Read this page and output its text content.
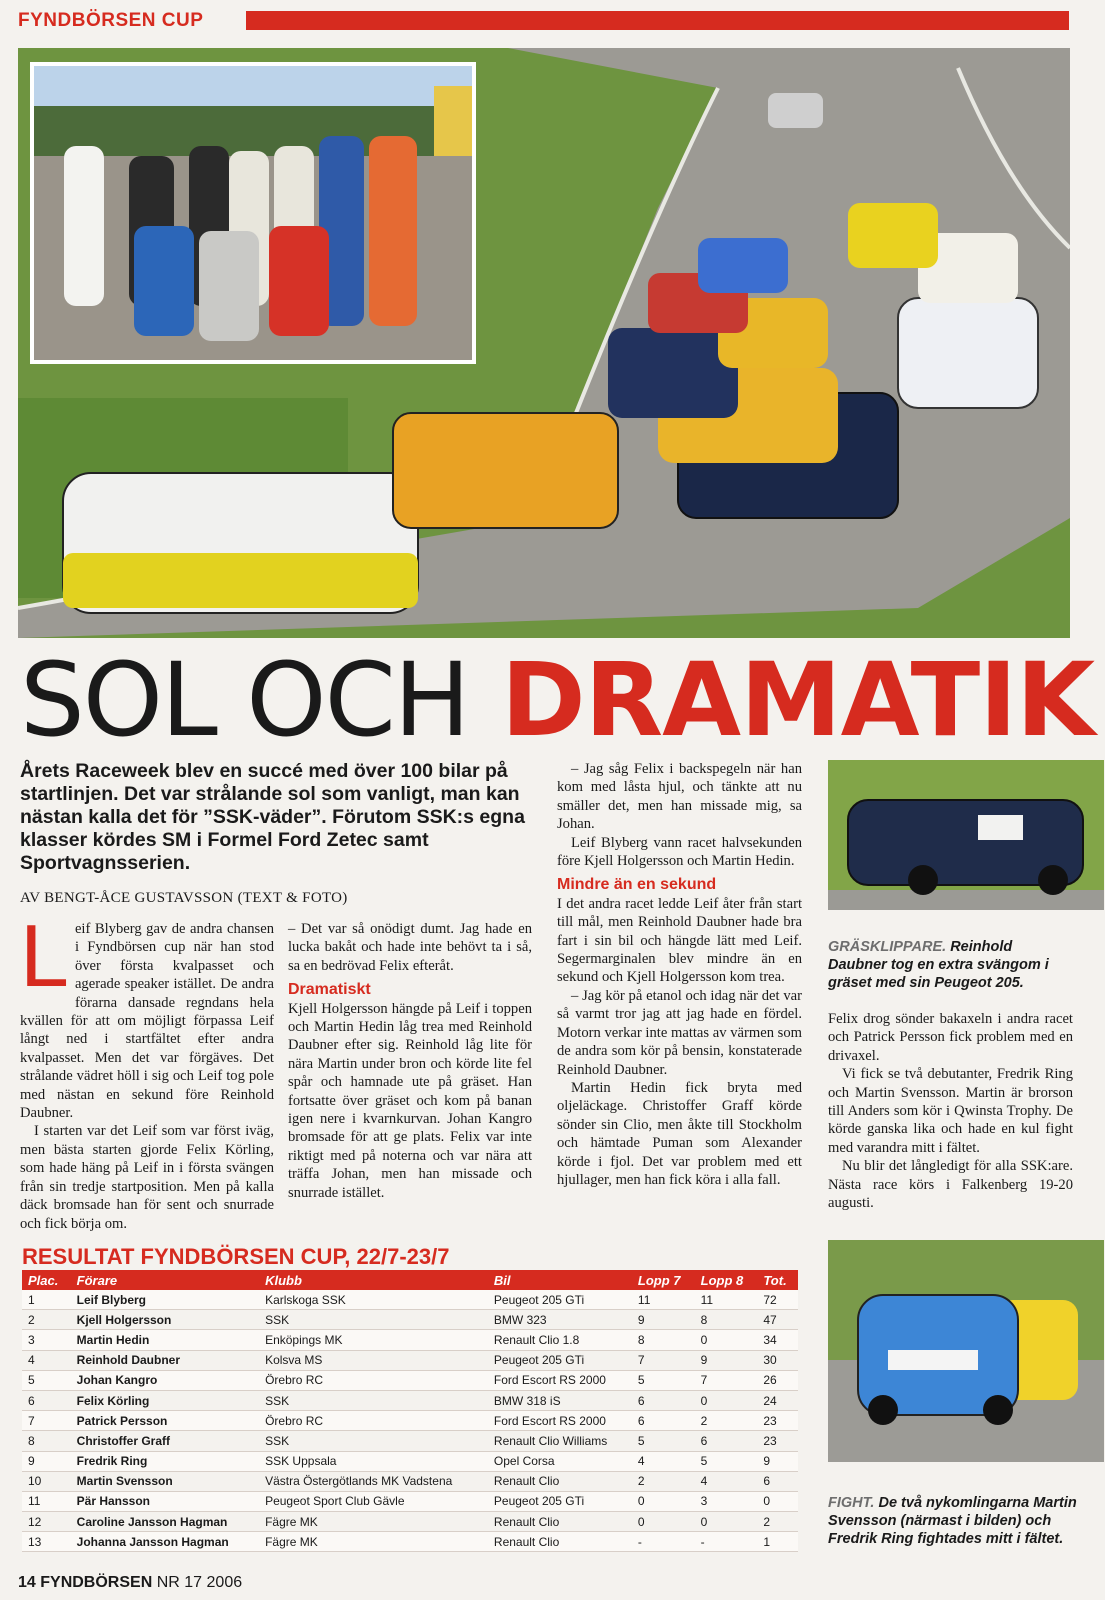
FYNDBÖRSEN CUP
SOL OCH DRAMATIK
Årets Raceweek blev en succé med över 100 bilar på startlinjen. Det var strålande sol som vanligt, man kan nästan kalla det för ”SSK-väder”. Förutom SSK:s egna klasser kördes SM i Formel Ford Zetec samt Sportvagnsserien.
AV BENGT-ÅCE GUSTAVSSON (TEXT & FOTO)
L eif Blyberg gav de andra chansen i Fyndbörsen cup när han stod över första kvalpasset och agerade speaker istället. De andra förarna dansade regndans hela kvällen för att om möjligt förpassa Leif långt ned i startfältet efter andra kvalpasset. Men det var förgäves. Det strålande vädret höll i sig och Leif tog pole med nästan en sekund före Reinhold Daubner.

I starten var det Leif som var först iväg, men bästa starten gjorde Felix Körling, som hade häng på Leif in i första svängen från sin tredje startposition. Men på kalla däck bromsade han för sent och snurrade och fick börja om.

– Det var så onödigt dumt. Jag hade en lucka bakåt och hade inte behövt ta i så, sa en bedrövad Felix efteråt.

Dramatiskt

Kjell Holgersson hängde på Leif i toppen och Martin Hedin låg trea med Reinhold Daubner efter sig. Reinhold låg lite för nära Martin under bron och körde lite fel spår och hamnade ute på gräset. Han fortsatte över gräset och kom på banan igen nere i kvarnkurvan. Johan Kangro bromsade för att ge plats. Felix var inte riktigt med på noterna och var nära att träffa Johan, men han missade och snurrade istället.

– Jag såg Felix i backspegeln när han kom med låsta hjul, och tänkte att nu smäller det, men han missade mig, sa Johan.

Leif Blyberg vann racet halvsekunden före Kjell Holgersson och Martin Hedin.

Mindre än en sekund

I det andra racet ledde Leif åter från start till mål, men Reinhold Daubner hade bra fart i sin bil och hängde lätt med Leif. Segermarginalen blev mindre än en sekund och Kjell Holgersson kom trea.

– Jag kör på etanol och idag när det var så varmt tror jag att jag hade en fördel. Motorn verkar inte mattas av värmen som de andra som kör på bensin, konstaterade Reinhold Daubner.

Martin Hedin fick bryta med oljeläckage. Christoffer Graff körde sönder sin Clio, men åkte till Stockholm och hämtade Puman som Alexander körde i fjol. Det var problem med ett hjullager, men han fick köra i alla fall.

GRÄSKLIPPARE. Reinhold Daubner tog en extra svängom i gräset med sin Peugeot 205.

Felix drog sönder bakaxeln i andra racet och Patrick Persson fick problem med en drivaxel.

Vi fick se två debutanter, Fredrik Ring och Martin Svensson. Martin är brorson till Anders som kör i Qwinsta Trophy. De körde ganska lika och hade en kul fight med varandra mitt i fältet.

Nu blir det långledigt för alla SSK:are. Nästa race körs i Falkenberg 19-20 augusti.

RESULTAT FYNDBÖRSEN CUP, 22/7-23/7
Plac.	Förare	Klubb	Bil	Lopp 7	Lopp 8	Tot.
1	Leif Blyberg	Karlskoga SSK	Peugeot 205 GTi	11	11	72
2	Kjell Holgersson	SSK	BMW 323	9	8	47
3	Martin Hedin	Enköpings MK	Renault Clio 1.8	8	0	34
4	Reinhold Daubner	Kolsva MS	Peugeot 205 GTi	7	9	30
5	Johan Kangro	Örebro RC	Ford Escort RS 2000	5	7	26
6	Felix Körling	SSK	BMW 318 iS	6	0	24
7	Patrick Persson	Örebro RC	Ford Escort RS 2000	6	2	23
8	Christoffer Graff	SSK	Renault Clio Williams	5	6	23
9	Fredrik Ring	SSK Uppsala	Opel Corsa	4	5	9
10	Martin Svensson	Västra Östergötlands MK Vadstena	Renault Clio	2	4	6
11	Pär Hansson	Peugeot Sport Club Gävle	Peugeot 205 GTi	0	3	0
12	Caroline Jansson Hagman	Fägre MK	Renault Clio	0	0	2
13	Johanna Jansson Hagman	Fägre MK	Renault Clio	-	-	1
FIGHT. De två nykomlingarna Martin Svensson (närmast i bilden) och Fredrik Ring fightades mitt i fältet.
14 FYNDBÖRSEN NR 17 2006
